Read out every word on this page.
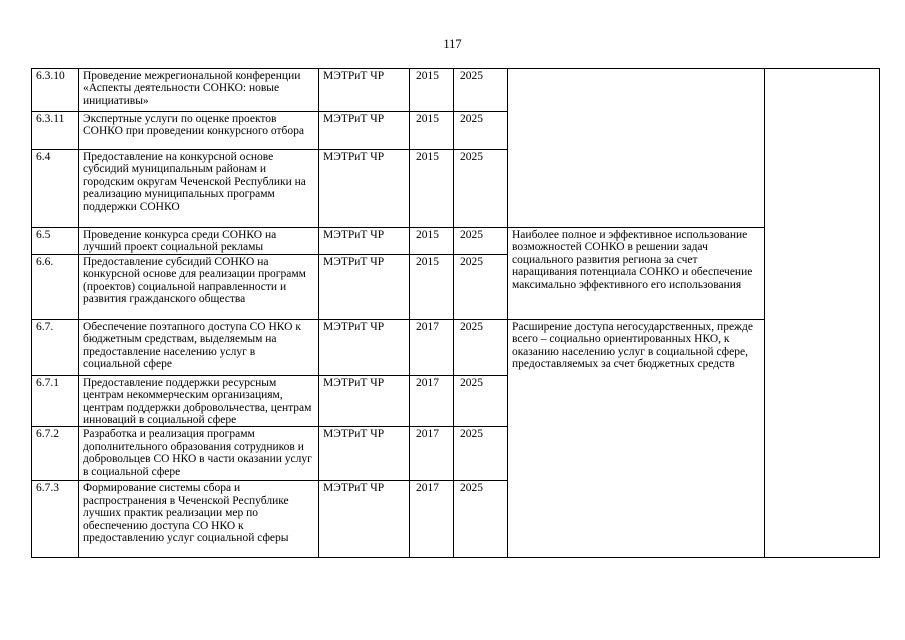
117
6.3.10	Проведение межрегиональной конференции «Аспекты деятельности СОНКО: новые инициативы»	МЭТРиТ ЧР	2015	2025		
6.3.11	Экспертные услуги по оценке проектов СОНКО при проведении конкурсного отбора	МЭТРиТ ЧР	2015	2025		
6.4	Предоставление на конкурсной основе субсидий муниципальным районам и городским округам Чеченской Республики на реализацию муниципальных программ поддержки СОНКО	МЭТРиТ ЧР	2015	2025		
6.5	Проведение конкурса среди СОНКО на лучший проект социальной рекламы	МЭТРиТ ЧР	2015	2025	Наиболее полное и эффективное использование возможностей СОНКО в решении задач социального развития региона за счет наращивания потенциала СОНКО и обеспечение максимально эффективного его использования	
6.6.	Предоставление субсидий СОНКО на конкурсной основе для реализации программ (проектов) социальной направленности и развития гражданского общества	МЭТРиТ ЧР	2015	2025		
6.7.	Обеспечение поэтапного доступа СО НКО к бюджетным средствам, выделяемым на предоставление населению услуг в социальной сфере	МЭТРиТ ЧР	2017	2025	Расширение доступа негосударственных, прежде всего – социально ориентированных НКО, к оказанию населению услуг в социальной сфере, предоставляемых за счет бюджетных средств	
6.7.1	Предоставление поддержки ресурсным центрам некоммерческим организациям, центрам поддержки добровольчества, центрам инноваций в социальной сфере	МЭТРиТ ЧР	2017	2025		
6.7.2	Разработка и реализация программ дополнительного образования сотрудников и добровольцев СО НКО в части оказании услуг в социальной сфере	МЭТРиТ ЧР	2017	2025		
6.7.3	Формирование системы сбора и распространения в Чеченской Республике лучших практик реализации мер по обеспечению доступа СО НКО к предоставлению услуг социальной сферы	МЭТРиТ ЧР	2017	2025		
